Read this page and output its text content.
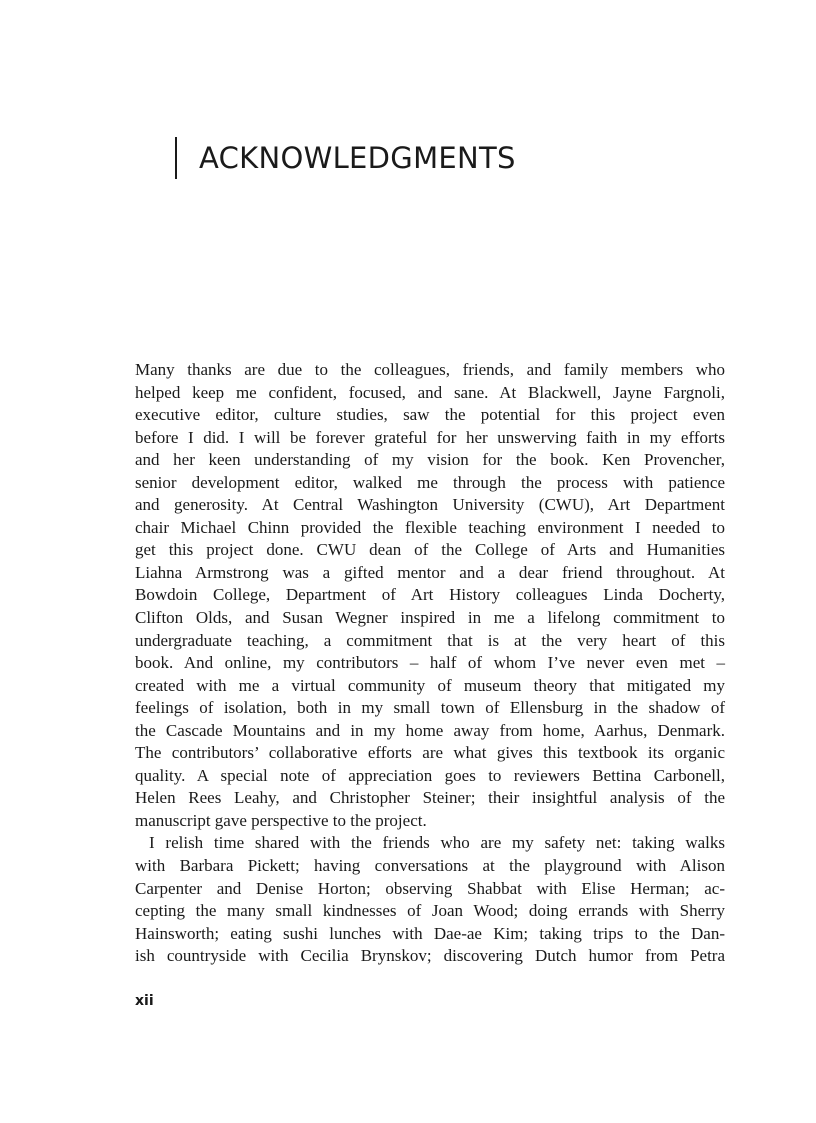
ACKNOWLEDGMENTS

Many thanks are due to the colleagues, friends, and family members who
helped keep me confident, focused, and sane. At Blackwell, Jayne Fargnoli,
executive editor, culture studies, saw the potential for this project even
before I did. I will be forever grateful for her unswerving faith in my efforts
and her keen understanding of my vision for the book. Ken Provencher,
senior development editor, walked me through the process with patience
and generosity. At Central Washington University (CWU), Art Department
chair Michael Chinn provided the flexible teaching environment I needed to
get this project done. CWU dean of the College of Arts and Humanities
Liahna Armstrong was a gifted mentor and a dear friend throughout. At
Bowdoin College, Department of Art History colleagues Linda Docherty,
Clifton Olds, and Susan Wegner inspired in me a lifelong commitment to
undergraduate teaching, a commitment that is at the very heart of this
book. And online, my contributors – half of whom I’ve never even met –
created with me a virtual community of museum theory that mitigated my
feelings of isolation, both in my small town of Ellensburg in the shadow of
the Cascade Mountains and in my home away from home, Aarhus, Denmark.
The contributors’ collaborative efforts are what gives this textbook its organic
quality. A special note of appreciation goes to reviewers Bettina Carbonell,
Helen Rees Leahy, and Christopher Steiner; their insightful analysis of the
manuscript gave perspective to the project.

I relish time shared with the friends who are my safety net: taking walks
with Barbara Pickett; having conversations at the playground with Alison
Carpenter and Denise Horton; observing Shabbat with Elise Herman; ac-
cepting the many small kindnesses of Joan Wood; doing errands with Sherry
Hainsworth; eating sushi lunches with Dae-ae Kim; taking trips to the Dan-
ish countryside with Cecilia Brynskov; discovering Dutch humor from Petra

xii
